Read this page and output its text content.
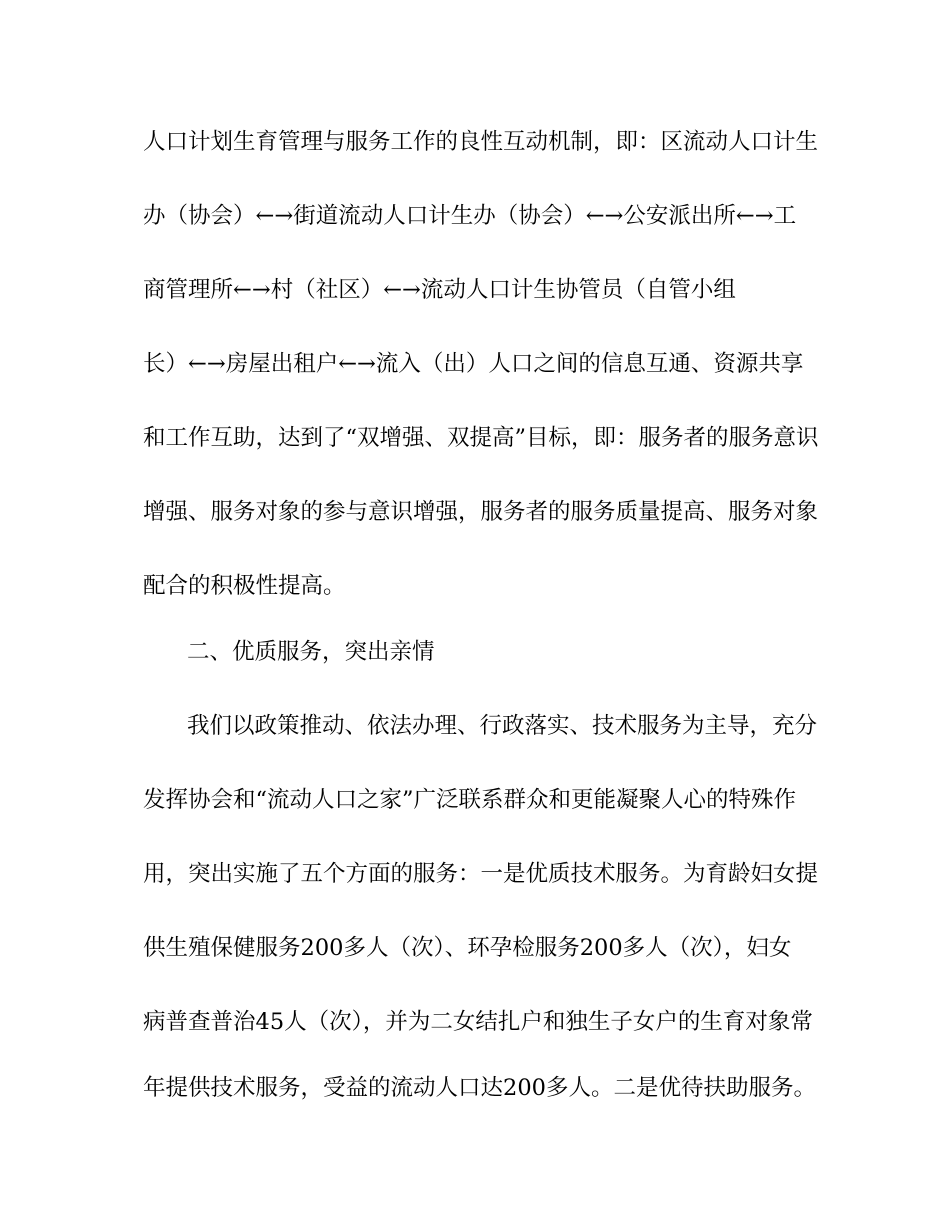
人口计划生育管理与服务工作的良性互动机制，即：区流动人口计生
办（协会）←→街道流动人口计生办（协会）←→公安派出所←→工
商管理所←→村（社区）←→流动人口计生协管员（自管小组
长）←→房屋出租户←→流入（出）人口之间的信息互通、资源共享
和工作互助，达到了“双增强、双提高”目标，即：服务者的服务意识
增强、服务对象的参与意识增强，服务者的服务质量提高、服务对象
配合的积极性提高。
二、优质服务，突出亲情
我们以政策推动、依法办理、行政落实、技术服务为主导，充分
发挥协会和“流动人口之家”广泛联系群众和更能凝聚人心的特殊作
用，突出实施了五个方面的服务：一是优质技术服务。为育龄妇女提
供生殖保健服务200多人（次）、环孕检服务200多人（次），妇女
病普查普治45人（次），并为二女结扎户和独生子女户的生育对象常
年提供技术服务，受益的流动人口达200多人。二是优待扶助服务。
